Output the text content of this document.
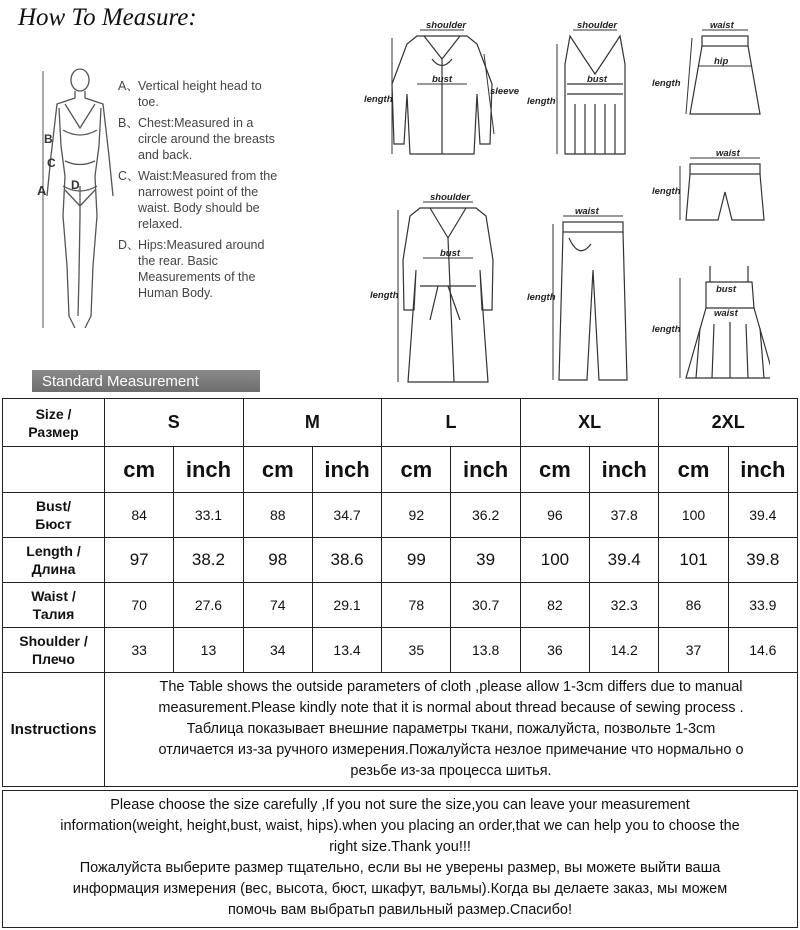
How To Measure:
B
C
D
A
A、 Vertical height head to toe.
B、 Chest:Measured in a circle around the breasts and back.
C、
Waist:Measured from the narrowest point of the waist. Body should be relaxed.
D、
Hips:Measured around the rear. Basic Measurements of the Human Body.
Standard Measurement
shoulder
bust
sleeve
length
shoulder
bust
length
waist
hip
length
waist
length
shoulder
bust
length
waist
length
bust
waist
length
Size /
Размер	S		M		L		XL		2XL	
	cm	inch	cm	inch	cm	inch	cm	inch	cm	inch

Bust/
Бюст	84	33.1	88	34.7	92	36.2	96	37.8	100	39.4

Length /
Длина	97	38.2	98	38.6	99	39	100	39.4	101	39.8

Waist /
Талия	70	27.6	74	29.1	78	30.7	82	32.3	86	33.9

Shoulder /
Плечо	33	13	34	13.4	35	13.8	36	14.2	37	14.6
Instructions	The Table shows the outside parameters of cloth ,please allow 1-3cm differs due to manual
measurement.Please kindly note that it is normal about thread because of sewing process .
Таблица показывает внешние параметры ткани, пожалуйста, позвольте 1-3cm
отличается из-за ручного измерения.Пожалуйста незлое примечание что нормально о
резьбе из-за процесса шитья.									
Please choose the size carefully ,If you not sure the size,you can leave your measurement
information(weight, height,bust, waist, hips).when you placing an order,that we can help you to choose the
right size.Thank you!!!
Пожалуйста выберите размер тщательно, если вы не уверены размер, вы можете выйти ваша
информация измерения (вес, высота, бюст, шкафут, вальмы).Когда вы делаете заказ, мы можем
помочь вам выбратьп равильный размер.Спасибо!
